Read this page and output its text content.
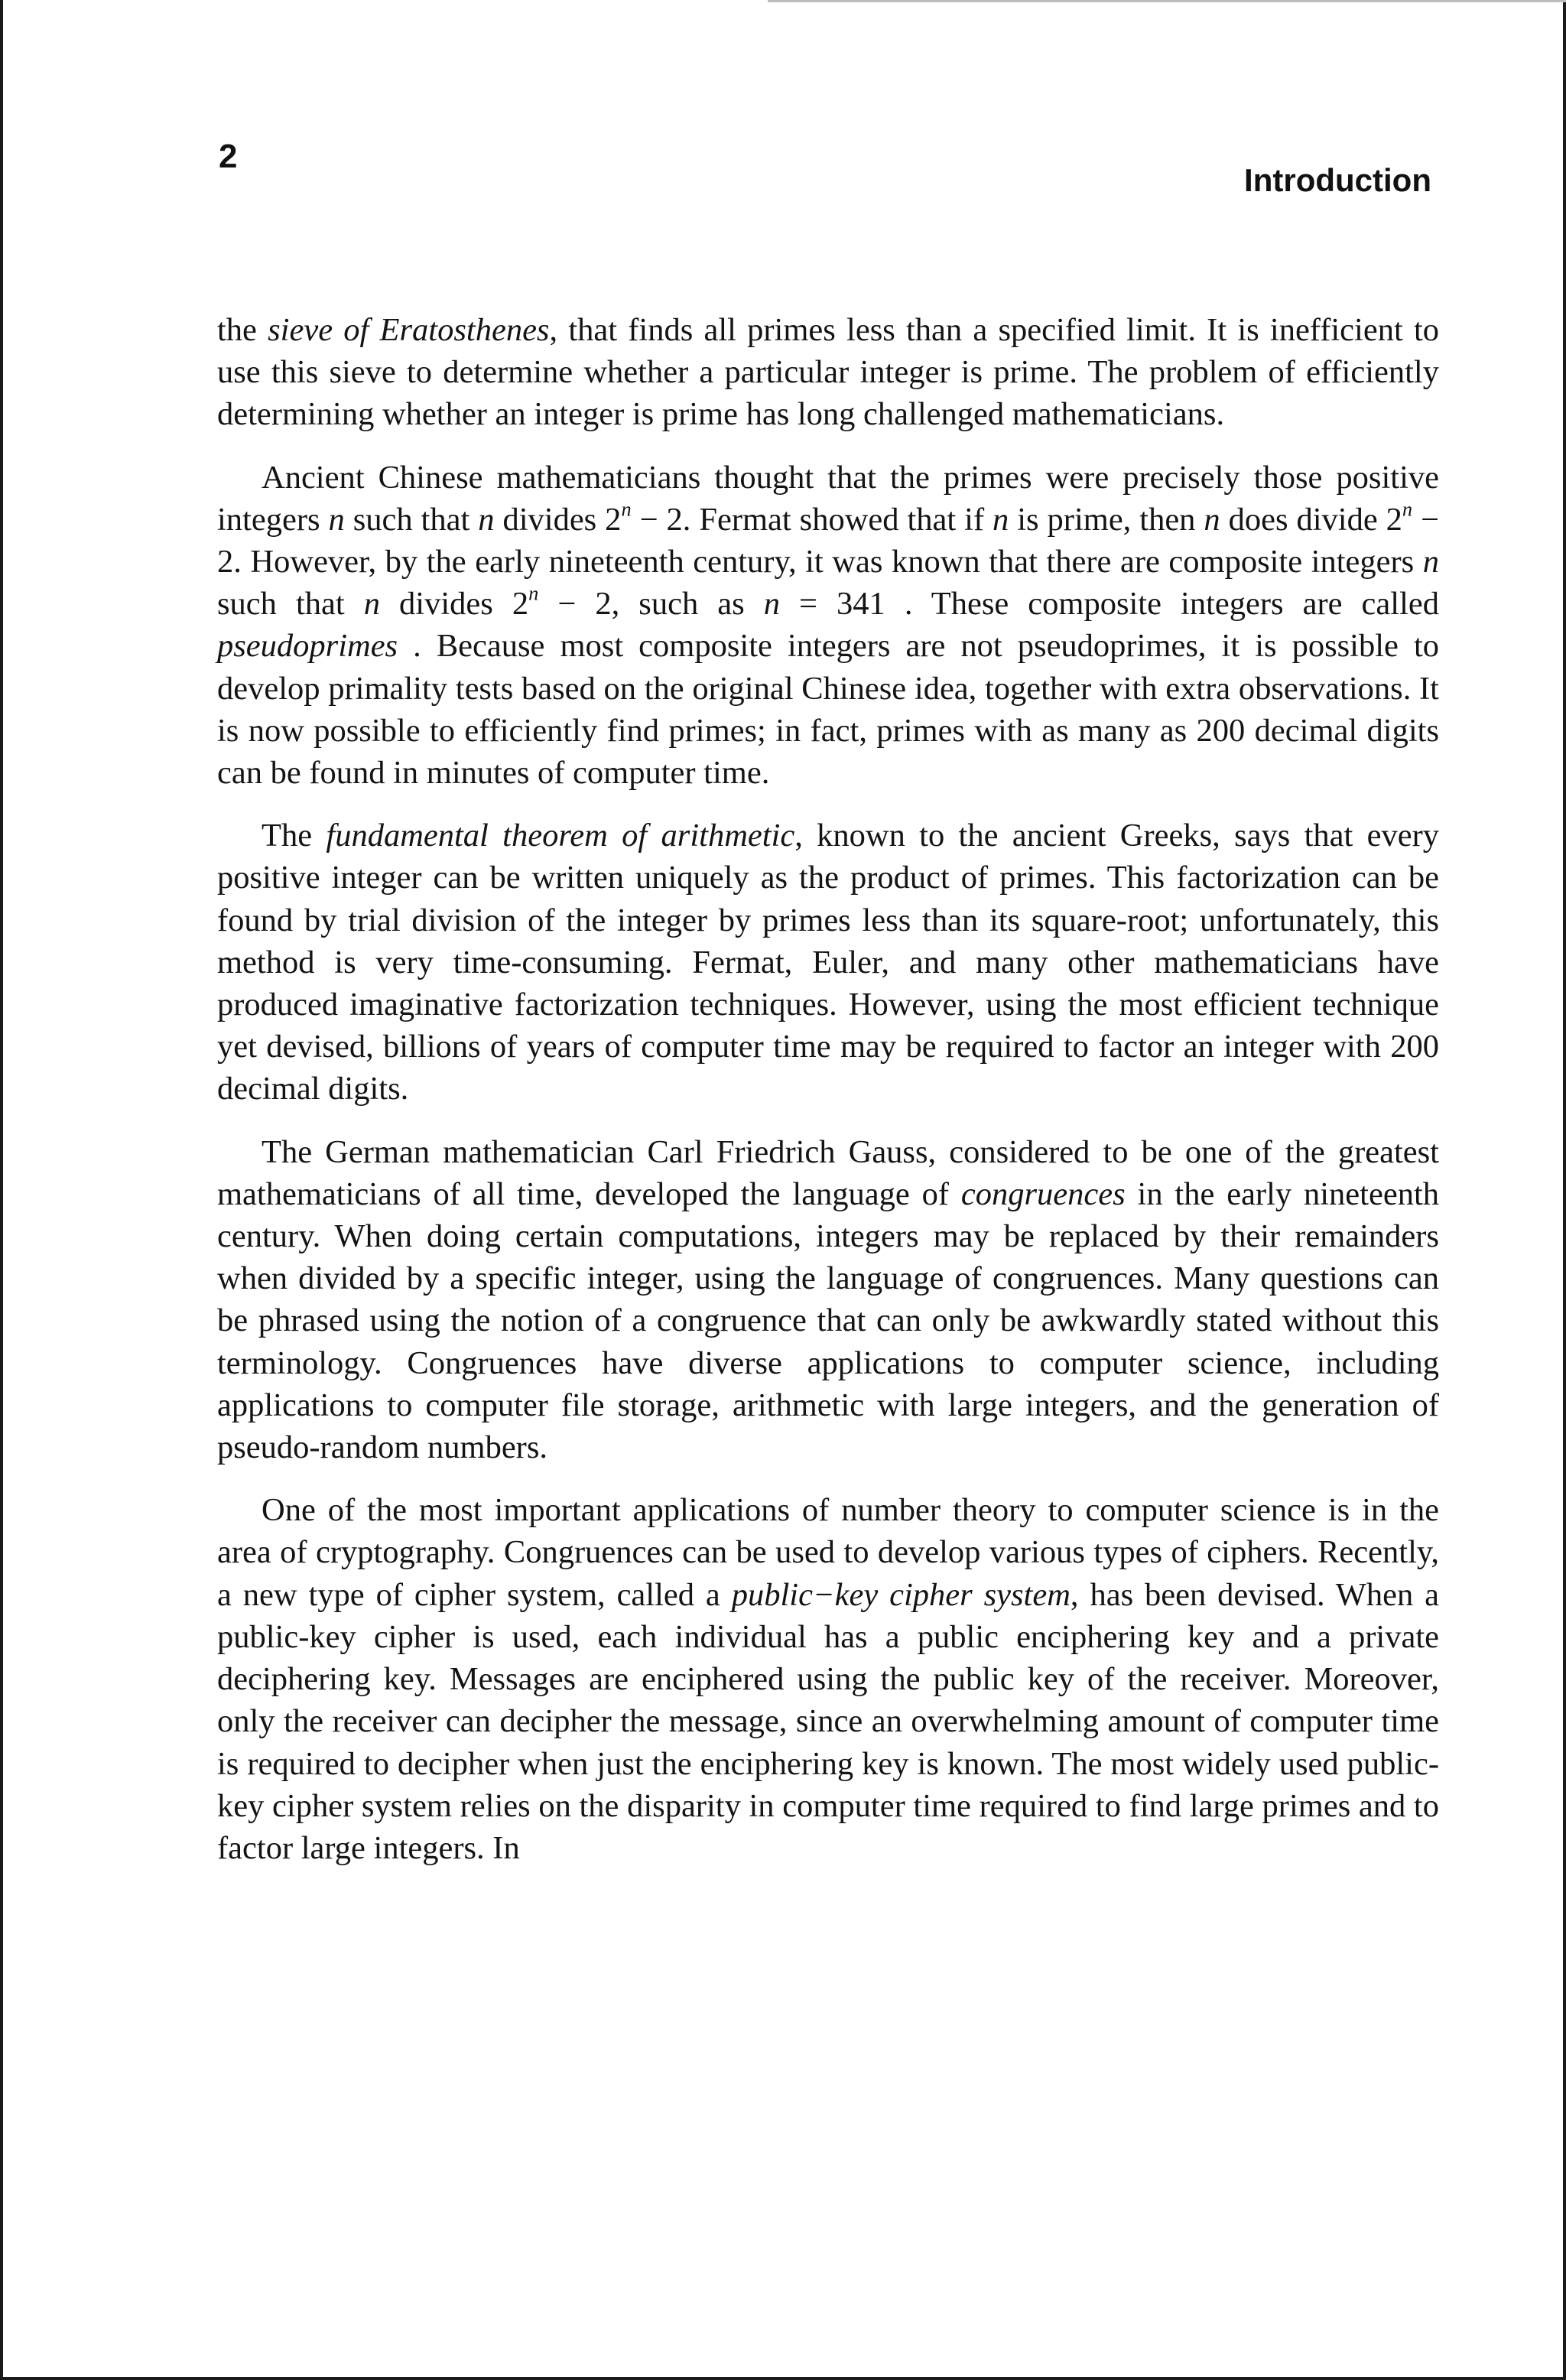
2

Introduction

the sieve of Eratosthenes, that finds all primes less than a specified limit. It is inefficient to use this sieve to determine whether a particular integer is prime. The problem of efficiently determining whether an integer is prime has long challenged mathematicians.

Ancient Chinese mathematicians thought that the primes were precisely those positive integers n such that n divides $2^n - 2$. Fermat showed that if n is prime, then n does divide $2^n - 2$. However, by the early nineteenth century, it was known that there are composite integers n such that n divides $2^n - 2$, such as n = 341 . These composite integers are called pseudoprimes . Because most composite integers are not pseudoprimes, it is possible to develop primality tests based on the original Chinese idea, together with extra observations. It is now possible to efficiently find primes; in fact, primes with as many as 200 decimal digits can be found in minutes of computer time.

The fundamental theorem of arithmetic, known to the ancient Greeks, says that every positive integer can be written uniquely as the product of primes. This factorization can be found by trial division of the integer by primes less than its square-root; unfortunately, this method is very time-consuming. Fermat, Euler, and many other mathematicians have produced imaginative factorization techniques. However, using the most efficient technique yet devised, billions of years of computer time may be required to factor an integer with 200 decimal digits.

The German mathematician Carl Friedrich Gauss, considered to be one of the greatest mathematicians of all time, developed the language of congruences in the early nineteenth century. When doing certain computations, integers may be replaced by their remainders when divided by a specific integer, using the language of congruences. Many questions can be phrased using the notion of a congruence that can only be awkwardly stated without this terminology. Congruences have diverse applications to computer science, including applications to computer file storage, arithmetic with large integers, and the generation of pseudo-random numbers.

One of the most important applications of number theory to computer science is in the area of cryptography. Congruences can be used to develop various types of ciphers. Recently, a new type of cipher system, called a public−key cipher system, has been devised. When a public-key cipher is used, each individual has a public enciphering key and a private deciphering key. Messages are enciphered using the public key of the receiver. Moreover, only the receiver can decipher the message, since an overwhelming amount of computer time is required to decipher when just the enciphering key is known. The most widely used public-key cipher system relies on the disparity in computer time required to find large primes and to factor large integers. In
